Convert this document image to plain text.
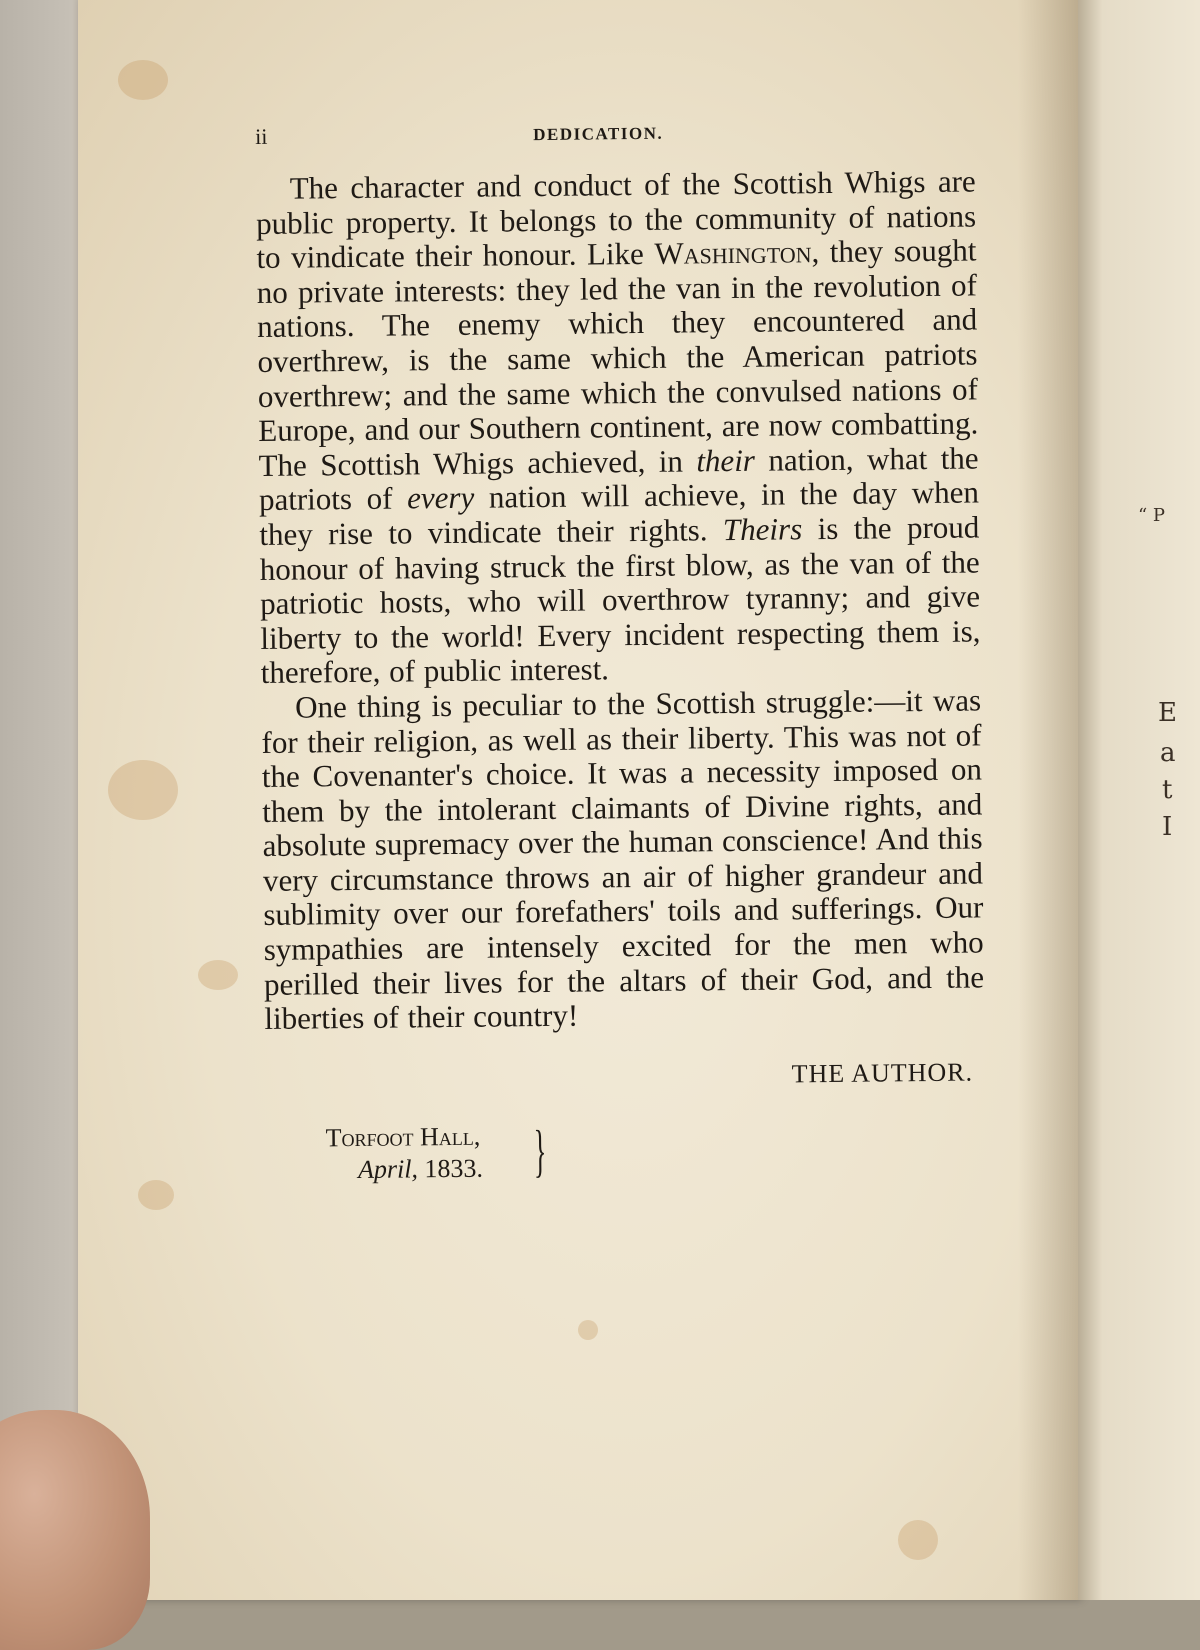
“ P
E
a
t
I
ii	DEDICATION.

The character and conduct of the Scottish Whigs are public property. It belongs to the community of nations to vindicate their honour. Like Washington, they sought no private interests: they led the van in the revolution of nations. The enemy which they encountered and overthrew, is the same which the American patriots overthrew; and the same which the convulsed nations of Europe, and our Southern continent, are now combatting. The Scottish Whigs achieved, in their nation, what the patriots of every nation will achieve, in the day when they rise to vindicate their rights. Theirs is the proud honour of having struck the first blow, as the van of the patriotic hosts, who will overthrow tyranny; and give liberty to the world! Every incident respecting them is, therefore, of public interest.

One thing is peculiar to the Scottish struggle:—it was for their religion, as well as their liberty. This was not of the Covenanter's choice. It was a necessity imposed on them by the intolerant claimants of Divine rights, and absolute supremacy over the human conscience! And this very circumstance throws an air of higher grandeur and sublimity over our forefathers' toils and sufferings. Our sympathies are intensely excited for the men who perilled their lives for the altars of their God, and the liberties of their country!

THE AUTHOR.
Torfoot Hall,
April, 1833. }
